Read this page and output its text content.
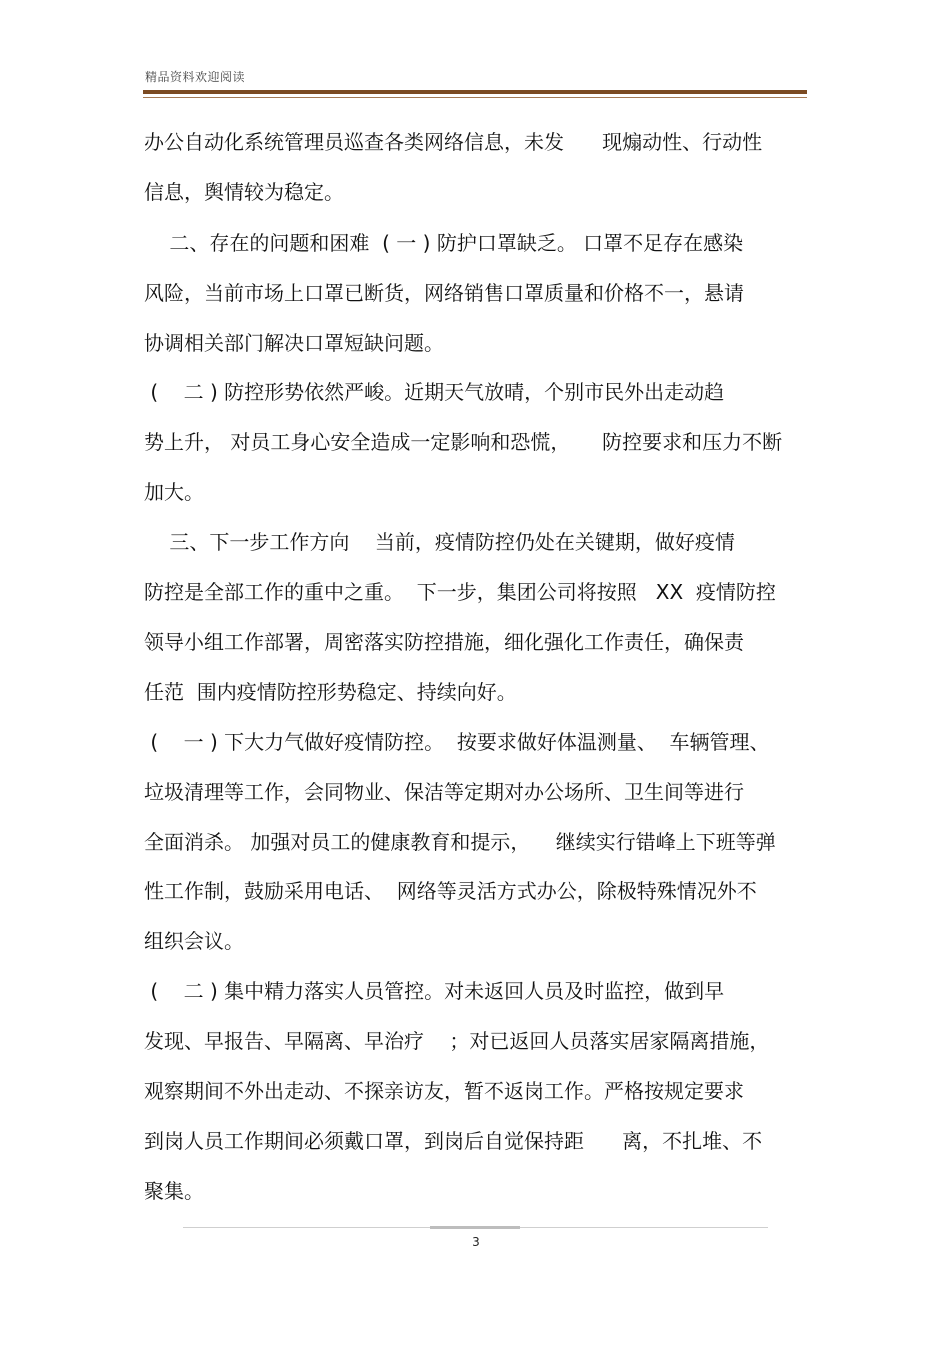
精品资料欢迎阅读
办公自动化系统管理员巡查各类网络信息，未发      现煽动性、行动性
信息，舆情较为稳定。
二、存在的问题和困难  ( 一 ) 防护口罩缺乏。 口罩不足存在感染
风险，当前市场上口罩已断货，网络销售口罩质量和价格不一，悬请
协调相关部门解决口罩短缺问题。
(    二 ) 防控形势依然严峻。近期天气放晴，个别市民外出走动趋
势上升， 对员工身心安全造成一定影响和恐慌，     防控要求和压力不断
加大。
三、下一步工作方向    当前，疫情防控仍处在关键期，做好疫情
防控是全部工作的重中之重。  下一步，集团公司将按照   XX  疫情防控
领导小组工作部署，周密落实防控措施，细化强化工作责任，确保责
任范  围内疫情防控形势稳定、持续向好。
(    一 ) 下大力气做好疫情防控。  按要求做好体温测量、  车辆管理、
垃圾清理等工作，会同物业、保洁等定期对办公场所、卫生间等进行
全面消杀。 加强对员工的健康教育和提示，    继续实行错峰上下班等弹
性工作制，鼓励采用电话、  网络等灵活方式办公，除极特殊情况外不
组织会议。
(    二 ) 集中精力落实人员管控。对未返回人员及时监控，做到早
发现、早报告、早隔离、早治疗    ；对已返回人员落实居家隔离措施，
观察期间不外出走动、不探亲访友，暂不返岗工作。严格按规定要求
到岗人员工作期间必须戴口罩，到岗后自觉保持距      离，不扎堆、不
聚集。
3
